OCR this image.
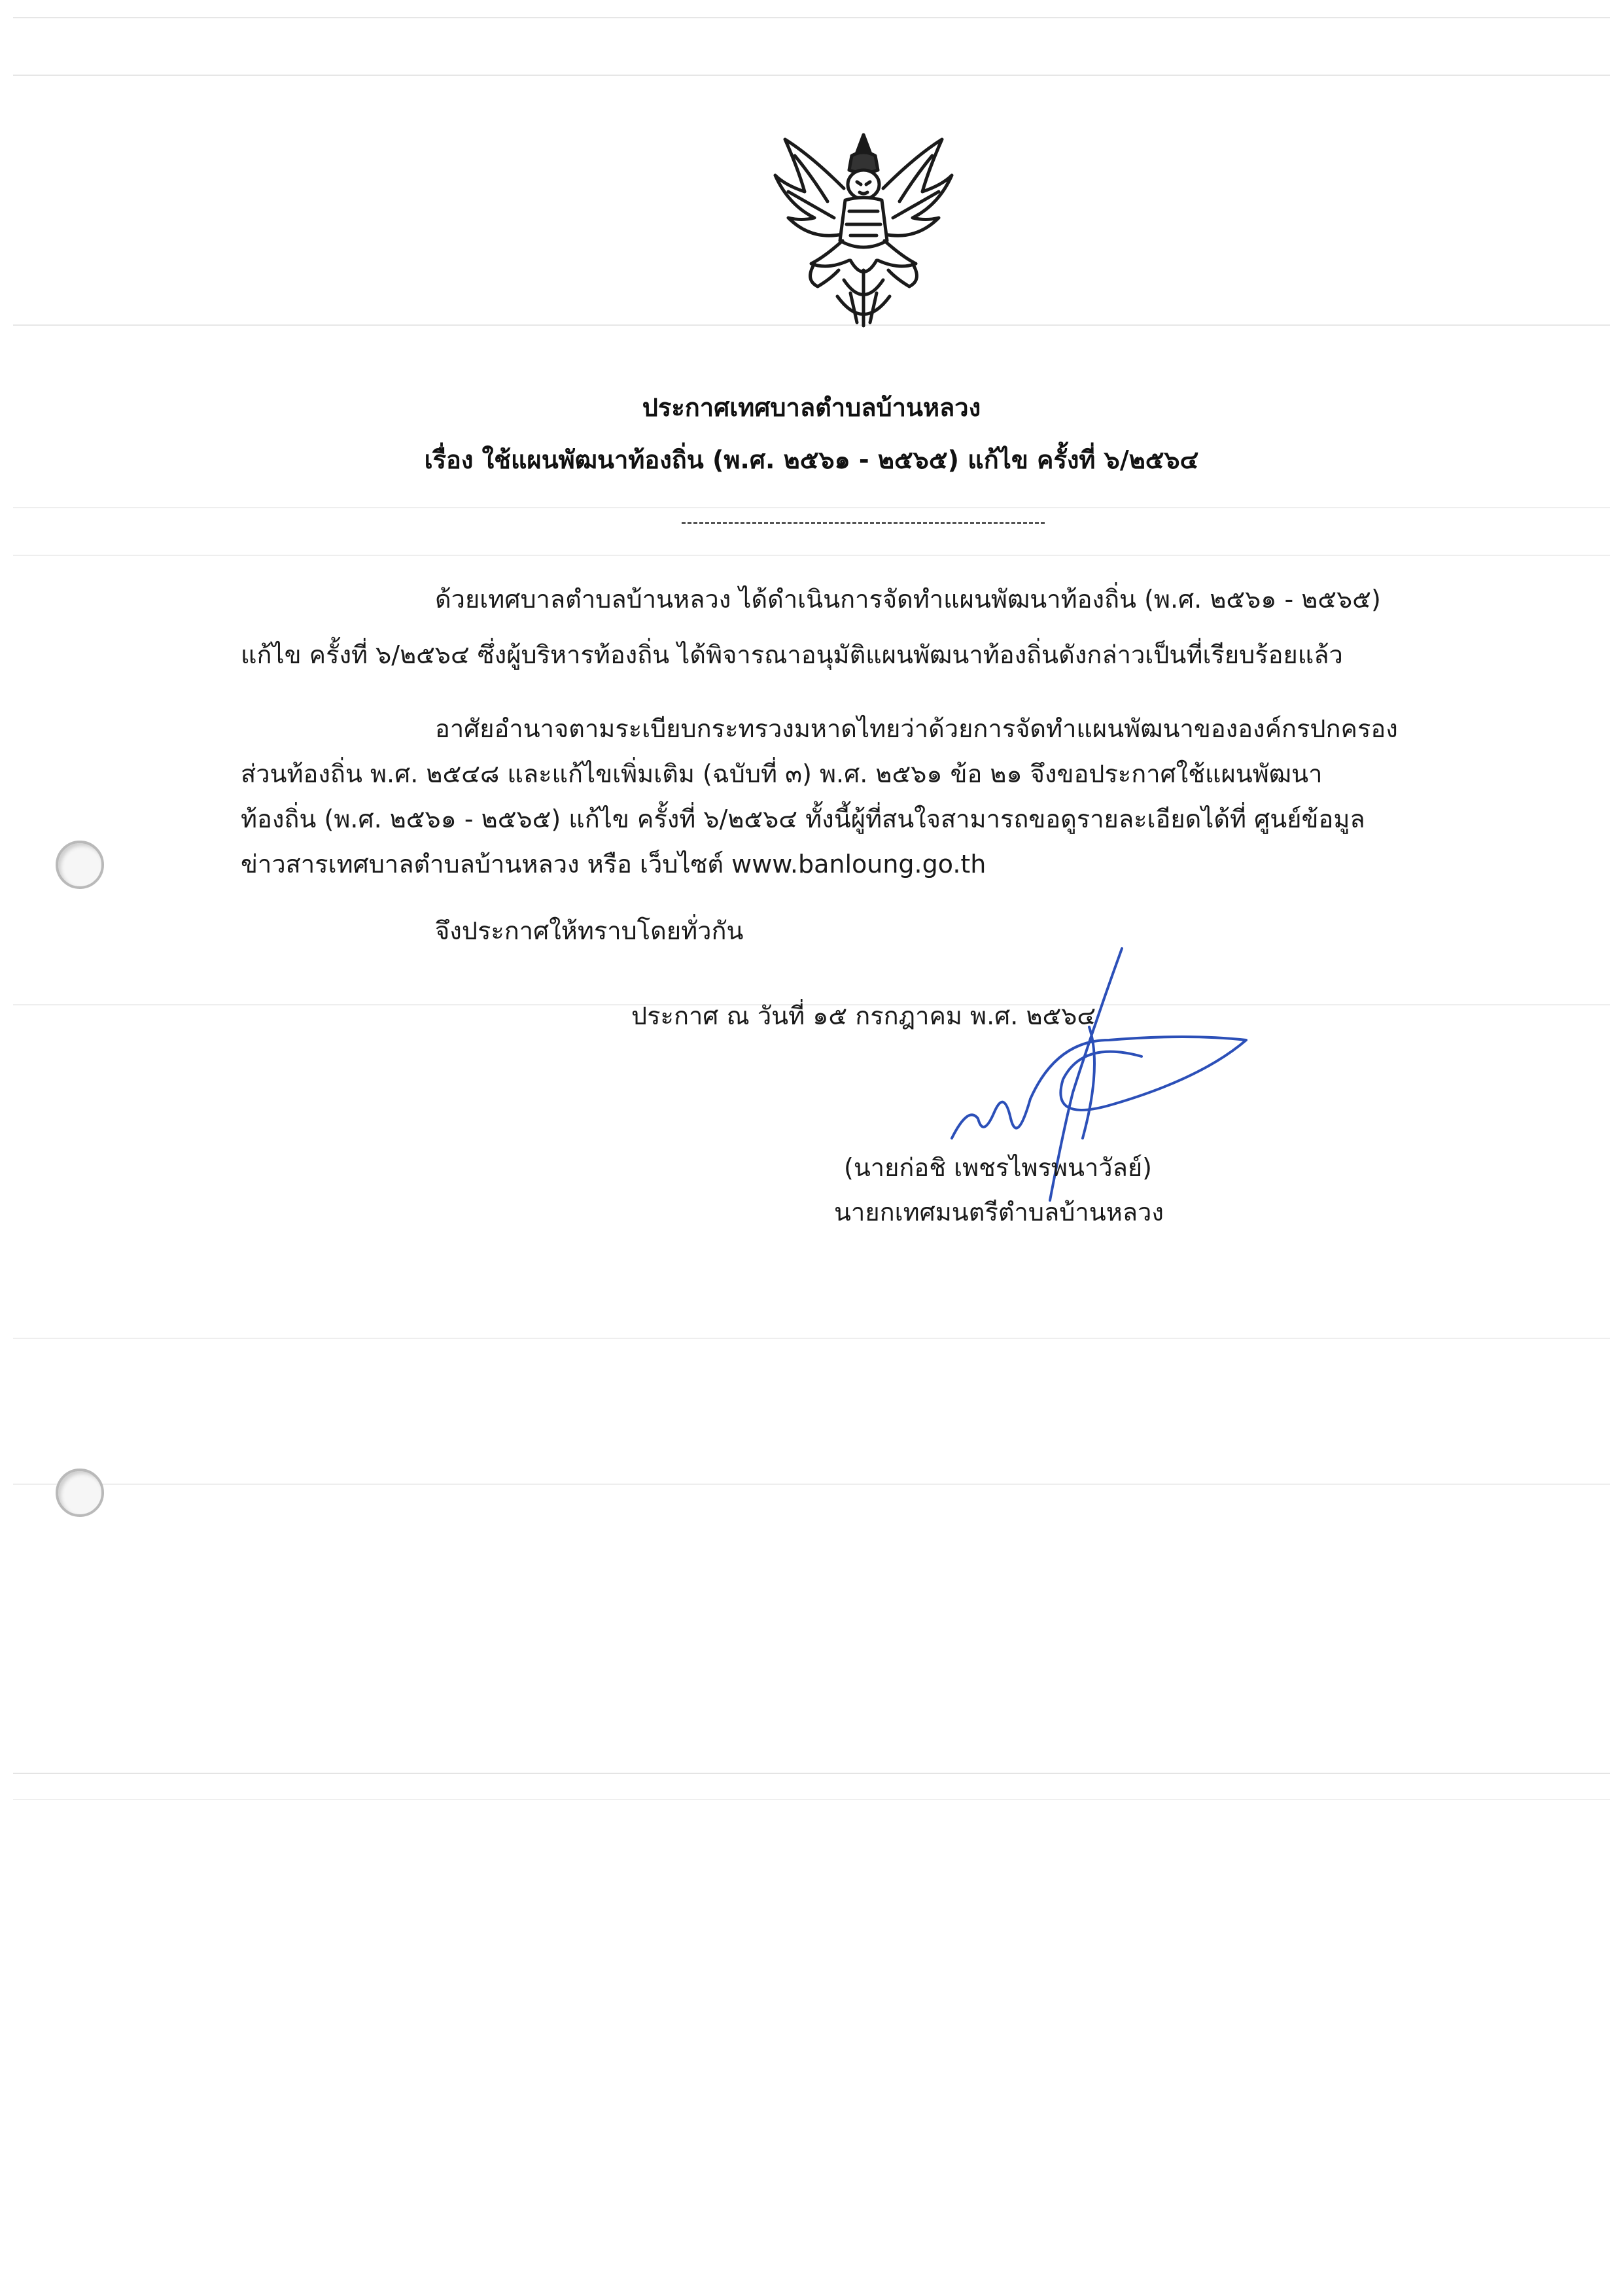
ประกาศเทศบาลตำบลบ้านหลวง
เรื่อง ใช้แผนพัฒนาท้องถิ่น (พ.ศ. ๒๕๖๑ - ๒๕๖๕) แก้ไข ครั้งที่ ๖/๒๕๖๔
ด้วยเทศบาลตำบลบ้านหลวง ได้ดำเนินการจัดทำแผนพัฒนาท้องถิ่น (พ.ศ. ๒๕๖๑ - ๒๕๖๕)
แก้ไข ครั้งที่ ๖/๒๕๖๔ ซึ่งผู้บริหารท้องถิ่น ได้พิจารณาอนุมัติแผนพัฒนาท้องถิ่นดังกล่าวเป็นที่เรียบร้อยแล้ว
อาศัยอำนาจตามระเบียบกระทรวงมหาดไทยว่าด้วยการจัดทำแผนพัฒนาขององค์กรปกครอง
ส่วนท้องถิ่น พ.ศ. ๒๕๔๘ และแก้ไขเพิ่มเติม (ฉบับที่ ๓) พ.ศ. ๒๕๖๑ ข้อ ๒๑ จึงขอประกาศใช้แผนพัฒนา
ท้องถิ่น (พ.ศ. ๒๕๖๑ - ๒๕๖๕) แก้ไข ครั้งที่ ๖/๒๕๖๔ ทั้งนี้ผู้ที่สนใจสามารถขอดูรายละเอียดได้ที่ ศูนย์ข้อมูล
ข่าวสารเทศบาลตำบลบ้านหลวง หรือ เว็บไซต์ www.banloung.go.th
จึงประกาศให้ทราบโดยทั่วกัน
ประกาศ ณ วันที่ ๑๕ กรกฎาคม พ.ศ. ๒๕๖๔
(นายก่อชิ เพชรไพรพนาวัลย์)
นายกเทศมนตรีตำบลบ้านหลวง
